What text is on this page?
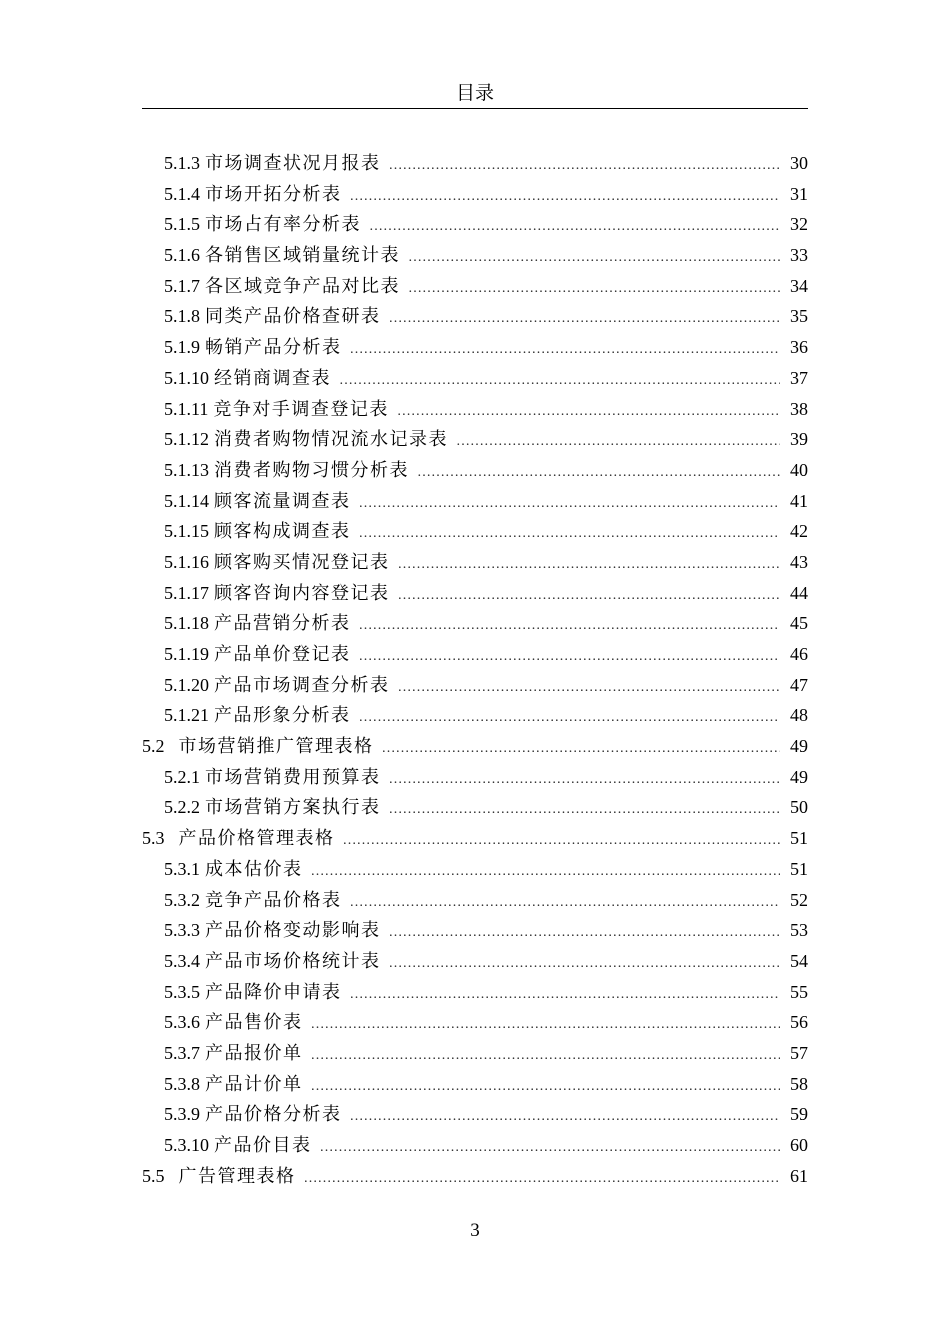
目录
5.1.3 市场调查状况月报表 ……………………………………………………………………………………………………………………………………………………	30
5.1.4 市场开拓分析表 ……………………………………………………………………………………………………………………………………………………	31
5.1.5 市场占有率分析表 ……………………………………………………………………………………………………………………………………………………	32
5.1.6 各销售区域销量统计表 ……………………………………………………………………………………………………………………………………………………	33
5.1.7 各区域竞争产品对比表 ……………………………………………………………………………………………………………………………………………………	34
5.1.8 同类产品价格查研表 ……………………………………………………………………………………………………………………………………………………	35
5.1.9 畅销产品分析表 ……………………………………………………………………………………………………………………………………………………	36
5.1.10 经销商调查表 ……………………………………………………………………………………………………………………………………………………	37
5.1.11 竞争对手调查登记表 ……………………………………………………………………………………………………………………………………………………	38
5.1.12 消费者购物情况流水记录表 ……………………………………………………………………………………………………………………………………………………	39
5.1.13 消费者购物习惯分析表 ……………………………………………………………………………………………………………………………………………………	40
5.1.14 顾客流量调查表 ……………………………………………………………………………………………………………………………………………………	41
5.1.15 顾客构成调查表 ……………………………………………………………………………………………………………………………………………………	42
5.1.16 顾客购买情况登记表 ……………………………………………………………………………………………………………………………………………………	43
5.1.17 顾客咨询内容登记表 ……………………………………………………………………………………………………………………………………………………	44
5.1.18 产品营销分析表 ……………………………………………………………………………………………………………………………………………………	45
5.1.19 产品单价登记表 ……………………………………………………………………………………………………………………………………………………	46
5.1.20 产品市场调查分析表 ……………………………………………………………………………………………………………………………………………………	47
5.1.21 产品形象分析表 ……………………………………………………………………………………………………………………………………………………	48
5.2 市场营销推广管理表格 ……………………………………………………………………………………………………………………………………………………	49
5.2.1 市场营销费用预算表 ……………………………………………………………………………………………………………………………………………………	49
5.2.2 市场营销方案执行表 ……………………………………………………………………………………………………………………………………………………	50
5.3 产品价格管理表格 ……………………………………………………………………………………………………………………………………………………	51
5.3.1 成本估价表 ……………………………………………………………………………………………………………………………………………………	51
5.3.2 竞争产品价格表 ……………………………………………………………………………………………………………………………………………………	52
5.3.3 产品价格变动影响表 ……………………………………………………………………………………………………………………………………………………	53
5.3.4 产品市场价格统计表 ……………………………………………………………………………………………………………………………………………………	54
5.3.5 产品降价申请表 ……………………………………………………………………………………………………………………………………………………	55
5.3.6 产品售价表 ……………………………………………………………………………………………………………………………………………………	56
5.3.7 产品报价单 ……………………………………………………………………………………………………………………………………………………	57
5.3.8 产品计价单 ……………………………………………………………………………………………………………………………………………………	58
5.3.9 产品价格分析表 ……………………………………………………………………………………………………………………………………………………	59
5.3.10 产品价目表 ……………………………………………………………………………………………………………………………………………………	60
5.5 广告管理表格 ……………………………………………………………………………………………………………………………………………………	61
3
